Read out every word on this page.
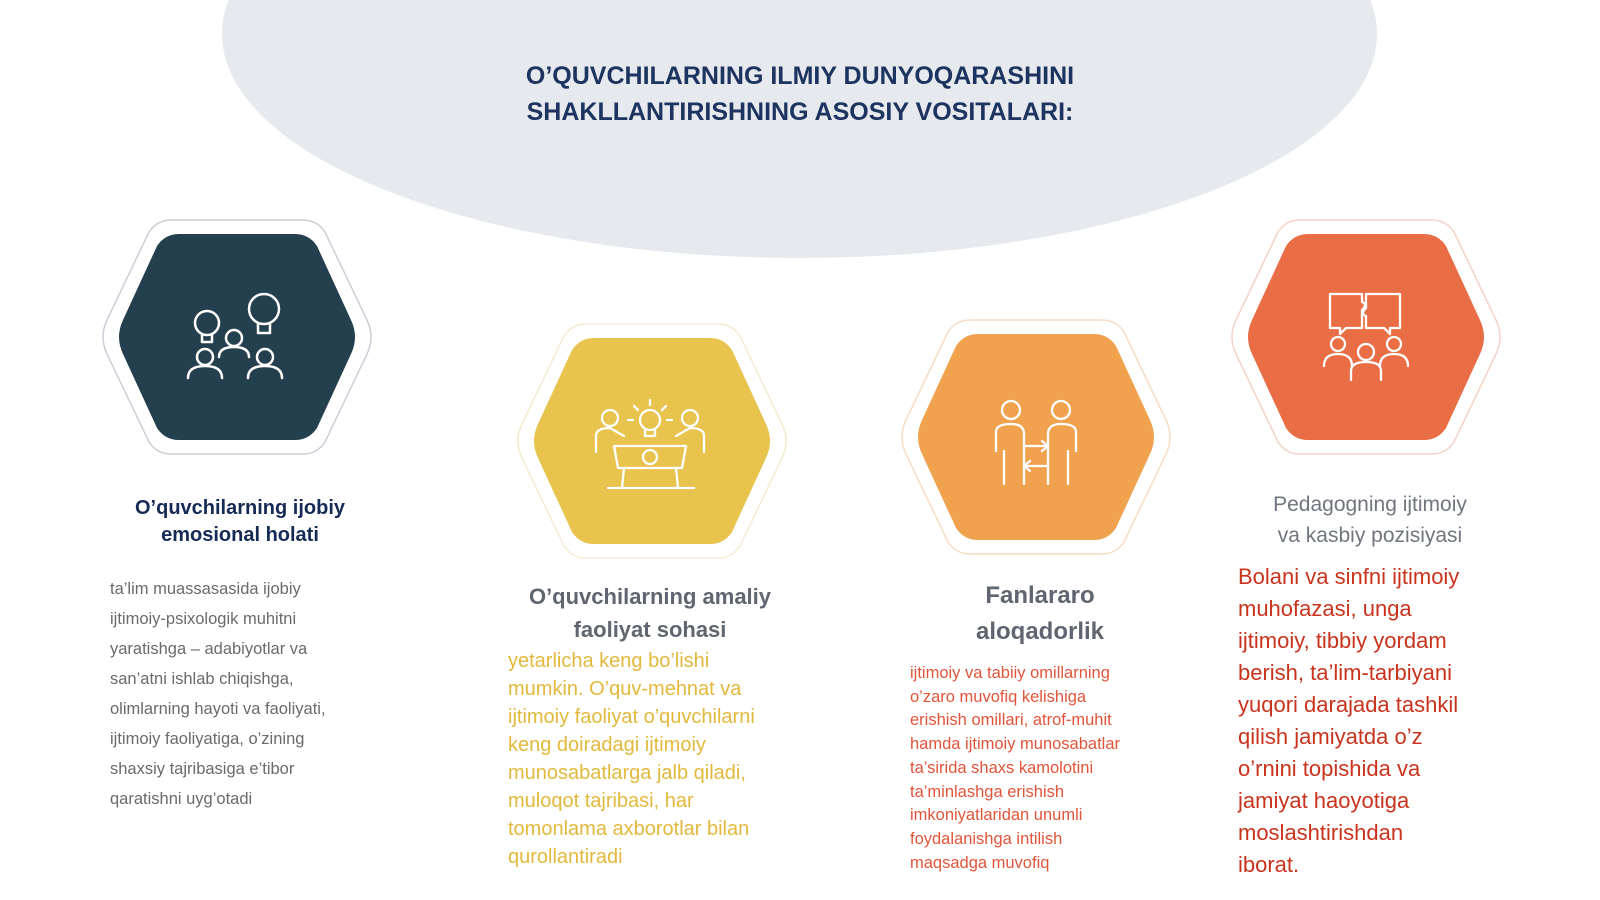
O’QUVCHILARNING ILMIY DUNYOQARASHINI
SHAKLLANTIRISHNING ASOSIY VOSITALARI:
O’quvchilarning ijobiy
emosional holati
ta’lim muassasasida ijobiy
ijtimoiy-psixologik muhitni
yaratishga – adabiyotlar va
san’atni ishlab chiqishga,
olimlarning hayoti va faoliyati,
ijtimoiy faoliyatiga, o’zining
shaxsiy tajribasiga e’tibor
qaratishni uyg’otadi
O’quvchilarning amaliy
faoliyat sohasi
yetarlicha keng bo’lishi
mumkin. O’quv-mehnat va
ijtimoiy faoliyat o’quvchilarni
keng doiradagi ijtimoiy
munosabatlarga jalb qiladi,
muloqot tajribasi, har
tomonlama axborotlar bilan
qurollantiradi
Fanlararo
aloqadorlik
ijtimoiy va tabiiy omillarning
o’zaro muvofiq kelishiga
erishish omillari, atrof-muhit
hamda ijtimoiy munosabatlar
ta’sirida shaxs kamolotini
ta’minlashga erishish
imkoniyatlaridan unumli
foydalanishga intilish
maqsadga muvofiq
Pedagogning ijtimoiy
va kasbiy pozisiyasi
Bolani va sinfni ijtimoiy
muhofazasi, unga
ijtimoiy, tibbiy yordam
berish, ta’lim-tarbiyani
yuqori darajada tashkil
qilish jamiyatda o’z
o’rnini topishida va
jamiyat haoyotiga
moslashtirishdan
iborat.
